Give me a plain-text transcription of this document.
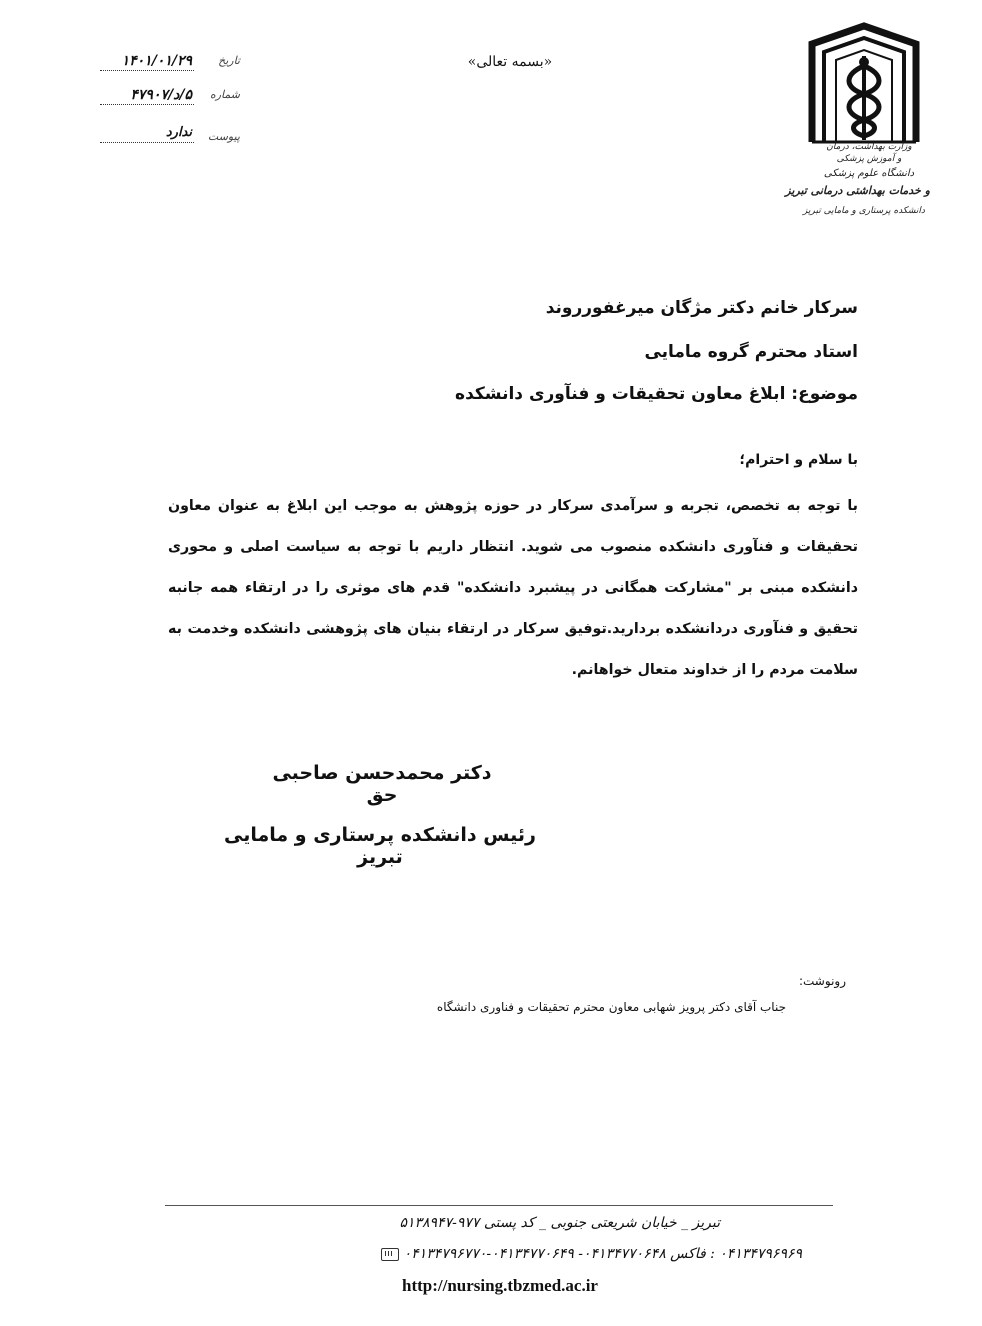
وزارت بهداشت، درمان
و آموزش پزشکی
دانشگاه علوم پزشکی
و خدمات بهداشتی درمانی تبریز
دانشکده پرستاری و مامایی تبریز
«بسمه تعالی»
تاریخ
۱۴۰۱/۰۱/۲۹
شماره
۵/د/۴۷۹۰۷
پیوست
ندارد
سرکار خانم دکتر مژگان میرغفورروند
استاد محترم گروه مامایی
موضوع: ابلاغ معاون تحقیقات و فنآوری دانشکده
با سلام و احترام؛
با توجه به تخصص، تجربه و سرآمدی سرکار در حوزه پژوهش به موجب این ابلاغ به عنوان معاون تحقیقات و فنآوری دانشکده منصوب می شوید. انتظار داریم با توجه به سیاست اصلی و محوری دانشکده مبنی بر "مشارکت همگانی در پیشبرد دانشکده" قدم های موثری را در ارتقاء همه جانبه تحقیق و فنآوری دردانشکده بردارید.توفیق سرکار در ارتقاء بنیان های پژوهشی دانشکده وخدمت به سلامت مردم را از خداوند متعال خواهانم.
دکتر محمدحسن صاحبی حق
رئیس دانشکده پرستاری و مامایی تبریز
رونوشت:
جناب آقای دکتر پرویز شهابی معاون محترم تحقیقات و فناوری دانشگاه
تبریز _ خیابان شریعتی جنوبی _ کد پستی ۹۷۷-۵۱۳۸۹۴۷
۰۴۱۳۴۷۹۶۹۶۹ : فاکس ۰۴۱۳۴۷۷۰۶۴۸- ۰۴۱۳۴۷۷۰۶۴۹-۰۴۱۳۴۷۹۶۷۷۰
http://nursing.tbzmed.ac.ir
